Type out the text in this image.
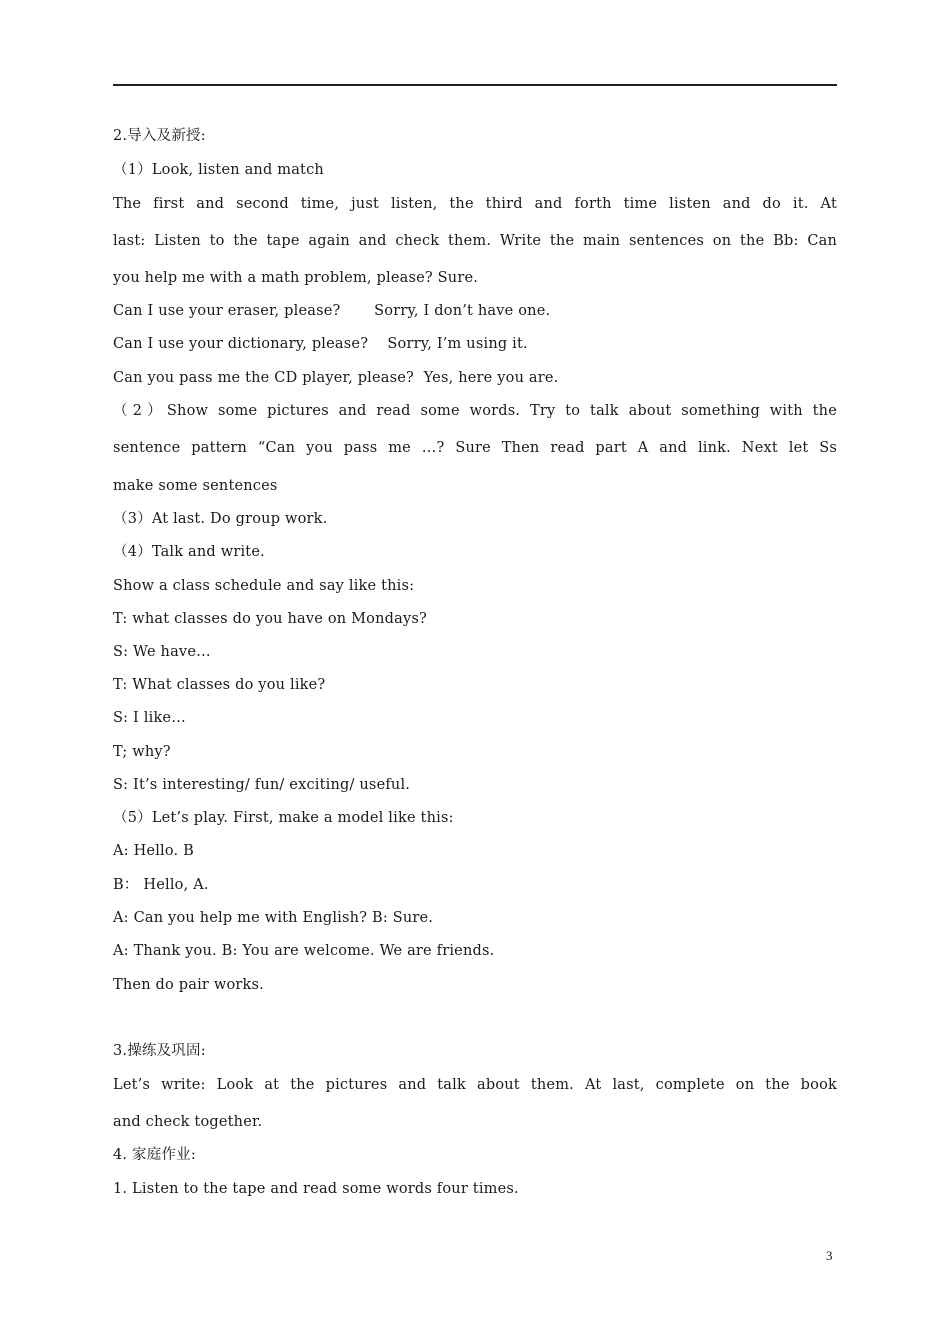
2.导入及新授:
（1）Look, listen and match
The first and second time, just listen, the third and forth time listen and do it. At
last: Listen to the tape again and check them. Write the main sentences on the Bb: Can
you help me with a math problem, please? Sure.
Can I use your eraser, please?       Sorry, I don’t have one.
Can I use your dictionary, please?    Sorry, I’m using it.
Can you pass me the CD player, please?  Yes, here you are.
（2）Show some pictures and read some words. Try to talk about something with the
sentence pattern “Can you pass me …? Sure Then read part A and link. Next let Ss
make some sentences
（3）At last. Do group work.
（4）Talk and write.
Show a class schedule and say like this:
T: what classes do you have on Mondays?
S: We have…
T: What classes do you like?
S: I like…
T; why?
S: It’s interesting/ fun/ exciting/ useful.
（5）Let’s play. First, make a model like this:
A: Hello. B
B： Hello, A.
A: Can you help me with English? B: Sure.
A: Thank you. B: You are welcome. We are friends.
Then do pair works.
3.操练及巩固:
Let’s write: Look at the pictures and talk about them. At last, complete on the book
and check together.
4. 家庭作业:
1. Listen to the tape and read some words four times.
3
